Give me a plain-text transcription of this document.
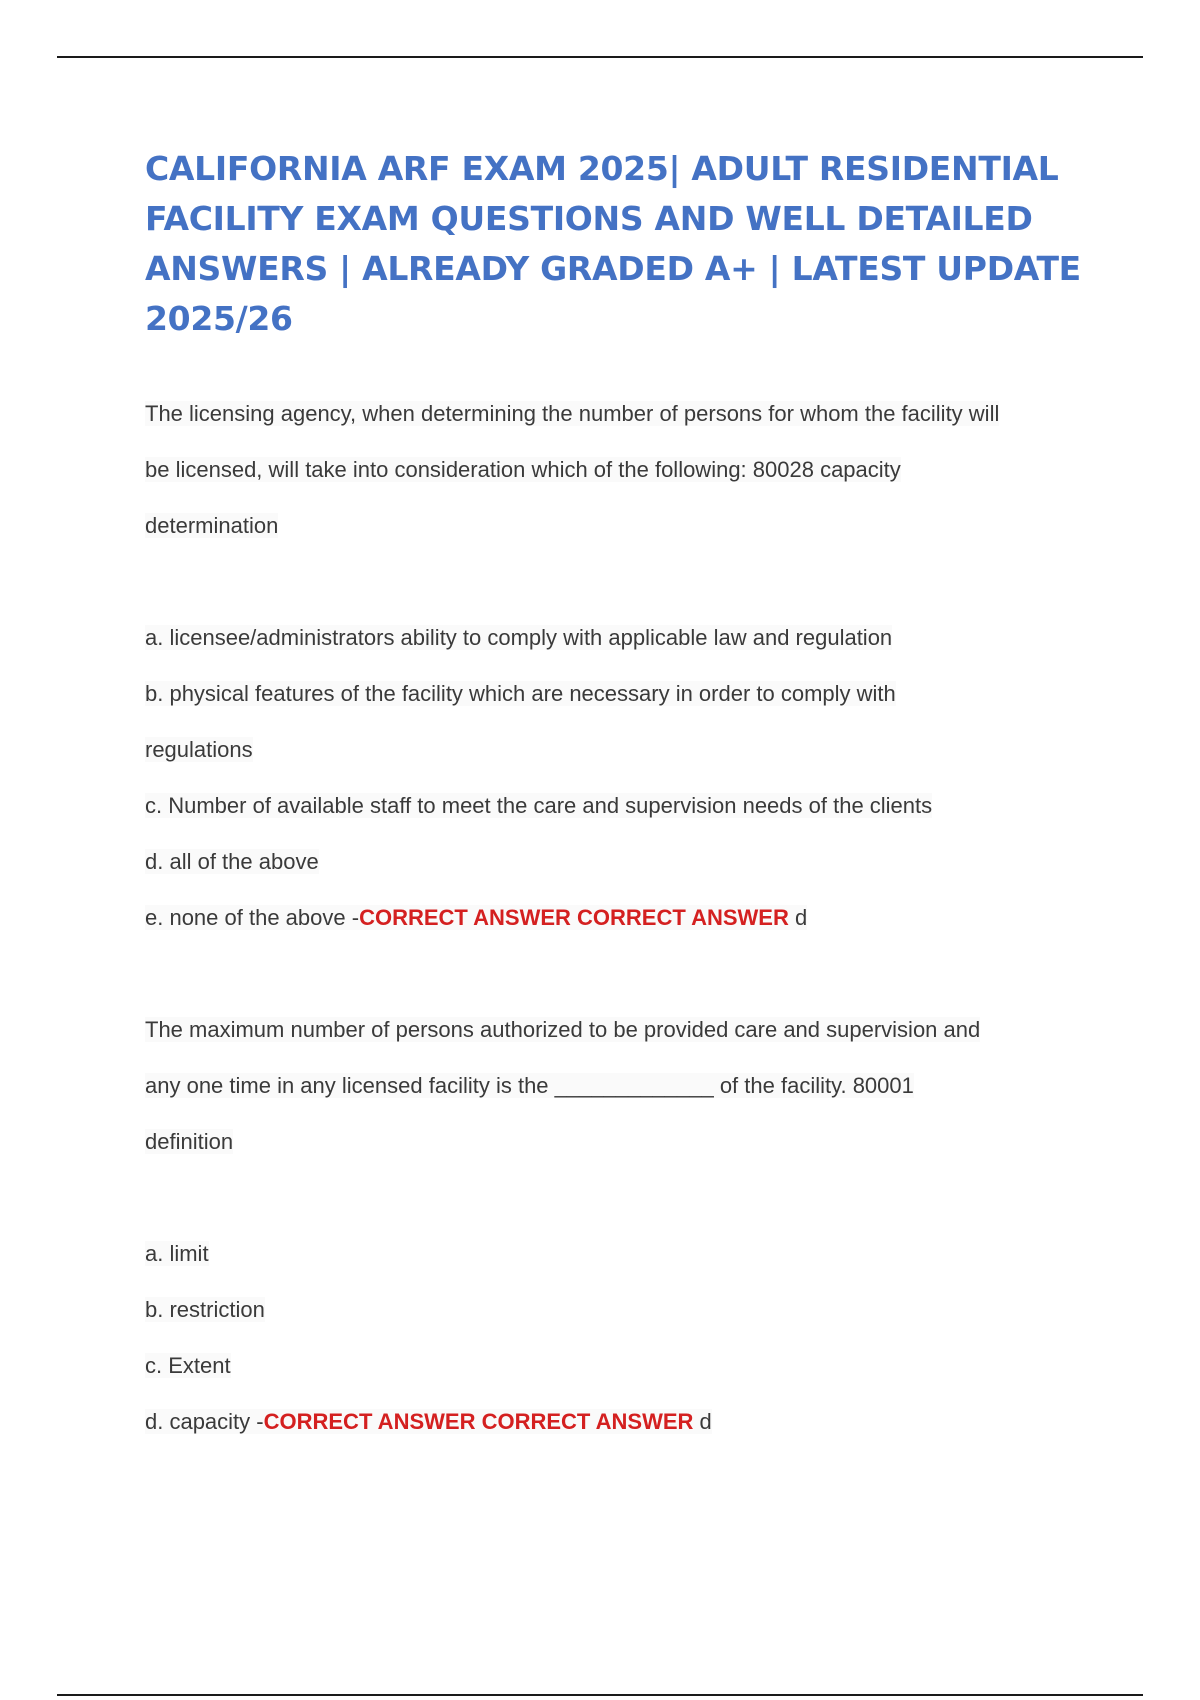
CALIFORNIA ARF EXAM 2025| ADULT RESIDENTIAL FACILITY EXAM QUESTIONS AND WELL DETAILED ANSWERS | ALREADY GRADED A+ | LATEST UPDATE 2025/26
The licensing agency, when determining the number of persons for whom the facility will
be licensed, will take into consideration which of the following: 80028 capacity
determination
a. licensee/administrators ability to comply with applicable law and regulation
b. physical features of the facility which are necessary in order to comply with
regulations
c. Number of available staff to meet the care and supervision needs of the clients
d. all of the above
e. none of the above -CORRECT ANSWER CORRECT ANSWER d
The maximum number of persons authorized to be provided care and supervision and
any one time in any licensed facility is the _____________ of the facility. 80001
definition
a. limit
b. restriction
c. Extent
d. capacity -CORRECT ANSWER CORRECT ANSWER d
